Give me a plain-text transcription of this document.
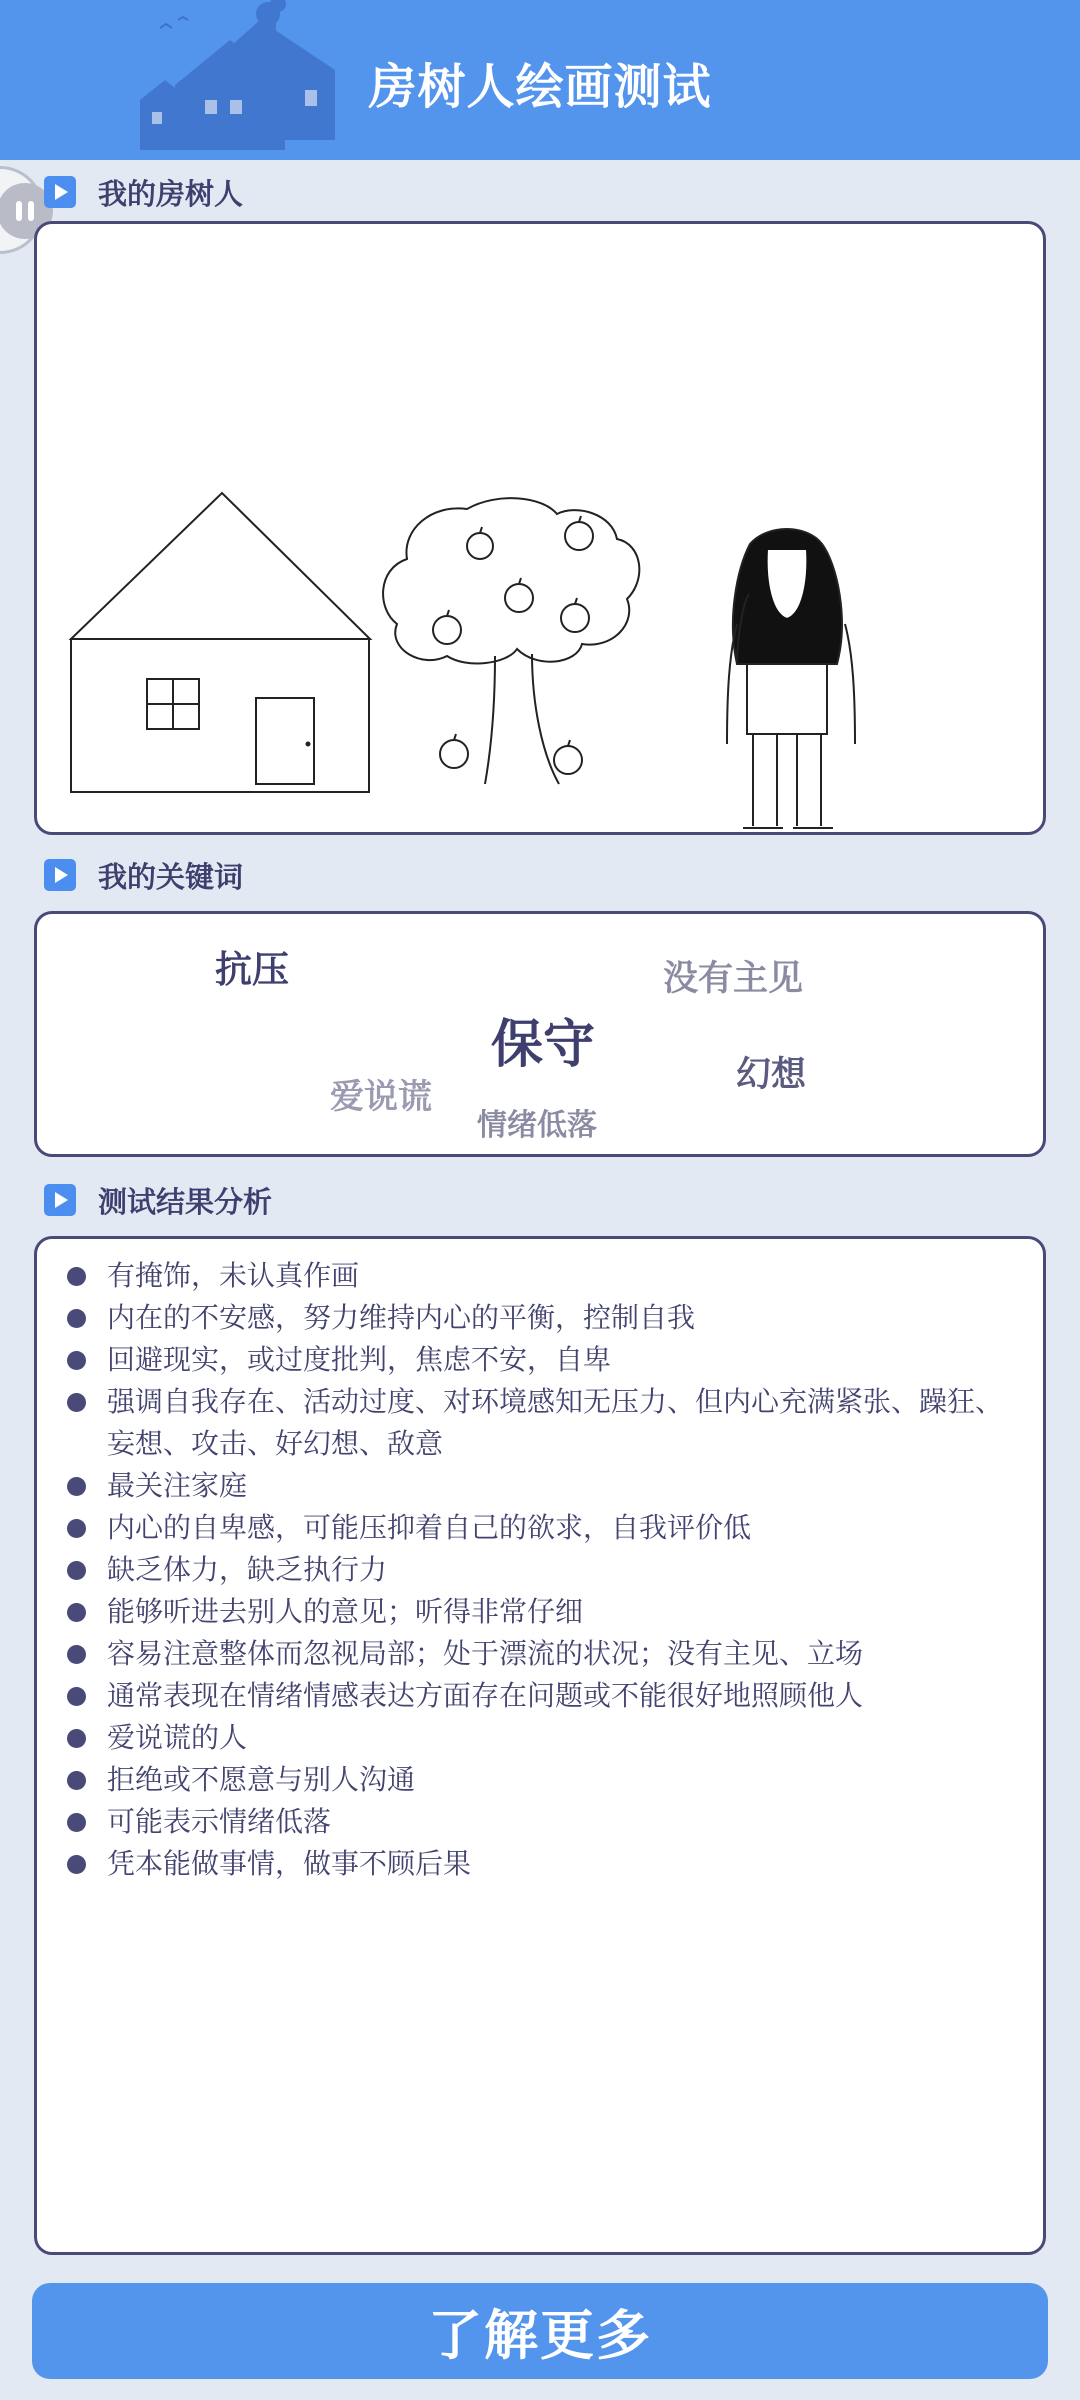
房树人绘画测试
我的房树人
我的关键词
抗压	没有主见
保守	幻想
爱说谎
情绪低落
测试结果分析
有掩饰，未认真作画
内在的不安感，努力维持内心的平衡，控制自我
回避现实，或过度批判，焦虑不安，自卑
强调自我存在、活动过度、对环境感知无压力、但内心充满紧张、躁狂、妄想、攻击、好幻想、敌意
最关注家庭
内心的自卑感，可能压抑着自己的欲求，自我评价低
缺乏体力，缺乏执行力
能够听进去别人的意见；听得非常仔细
容易注意整体而忽视局部；处于漂流的状况；没有主见、立场
通常表现在情绪情感表达方面存在问题或不能很好地照顾他人
爱说谎的人
拒绝或不愿意与别人沟通
可能表示情绪低落
凭本能做事情，做事不顾后果
了解更多
